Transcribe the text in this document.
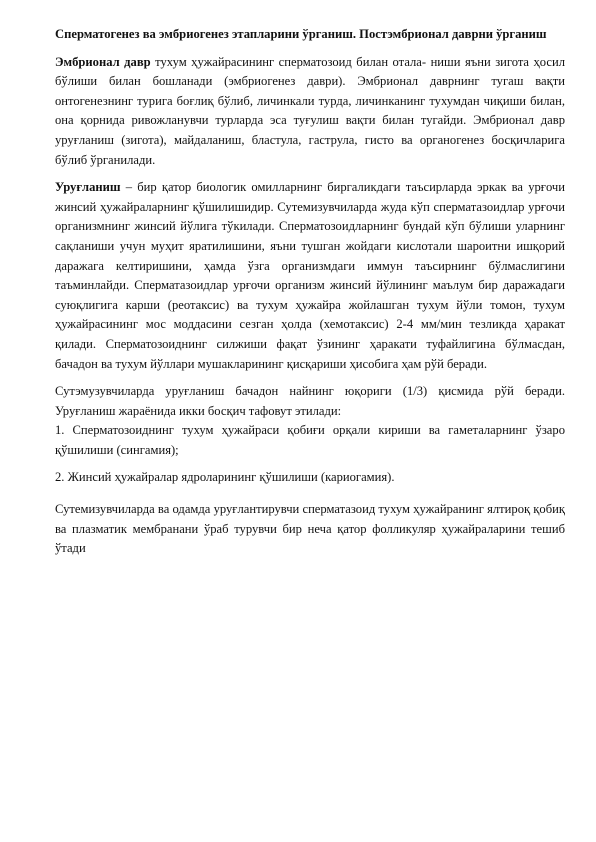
Сперматогенез ва эмбриогенез этапларини ўрганиш. Постэмбрионал даврни ўрганиш

Эмбрионал давр тухум ҳужайрасининг сперматозоид билан отала- ниши яъни зиготa ҳосил бўлиши билан бошланади (эмбриогенез даври). Эмбрионал даврнинг тугаш вақти онтогенезнинг турига боғлиқ бўлиб, личинкали турда, личинканинг тухумдан чиқиши билан, она қорнида ривожланувчи турларда эса туғулиш вақти билан тугайди. Эмбрионал давр уруғланиш (зигота), майдаланиш, бластула, гаструла, гисто ва органогенез босқичларига бўлиб ўрганилади.

Уруғланиш – бир қатор биологик омилларнинг биргаликдаги таъсирларда эркак ва урғочи жинсий ҳужайраларнинг қўшилишидир. Сутемизувчиларда жуда кўп сперматазоидлар урғочи организмнинг жинсий йўлига тўкилади. Сперматозоидларнинг бундай кўп бўлиши уларнинг сақланиши учун муҳит яратилишини, яъни тушган жойдаги кислотали шароитни ишқорий даражага келтиришини, ҳамда ўзга организмдаги иммун таъсирнинг бўлмаслигини таъминлайди. Сперматазоидлар урғочи организм жинсий йўлининг маълум бир даражадаги суюқлигига карши (реотаксис) ва тухум ҳужайра жойлашган тухум йўли томон, тухум ҳужайрасининг мос моддасини сезган ҳолда (хемотаксис) 2-4 мм/мин тезликда ҳаракат қилади. Сперматозоиднинг силжиши фақат ўзининг ҳаракати туфайлигина бўлмасдан, бачадон ва тухум йўллари мушакларининг қисқариши ҳисобига ҳам рўй беради.

Сутэмузувчиларда уруғланиш бачадон найнинг юқориги (1/3) қисмида рўй беради. Уруғланиш жараёнида икки босқич тафовут этилади:

1. Сперматозоиднинг тухум ҳужайраси қобиғи орқали кириши ва гаметаларнинг ўзаро қўшилиши (сингамия);

2. Жинсий ҳужайралар ядроларининг қўшилиши (кариогамия).

Сутемизувчиларда ва одамда уруғлантирувчи сперматазоид тухум ҳужайранинг ялтироқ қобиқ ва плазматик мембранани ўраб турувчи бир неча қатор фолликуляр ҳужайраларини тешиб ўтади
